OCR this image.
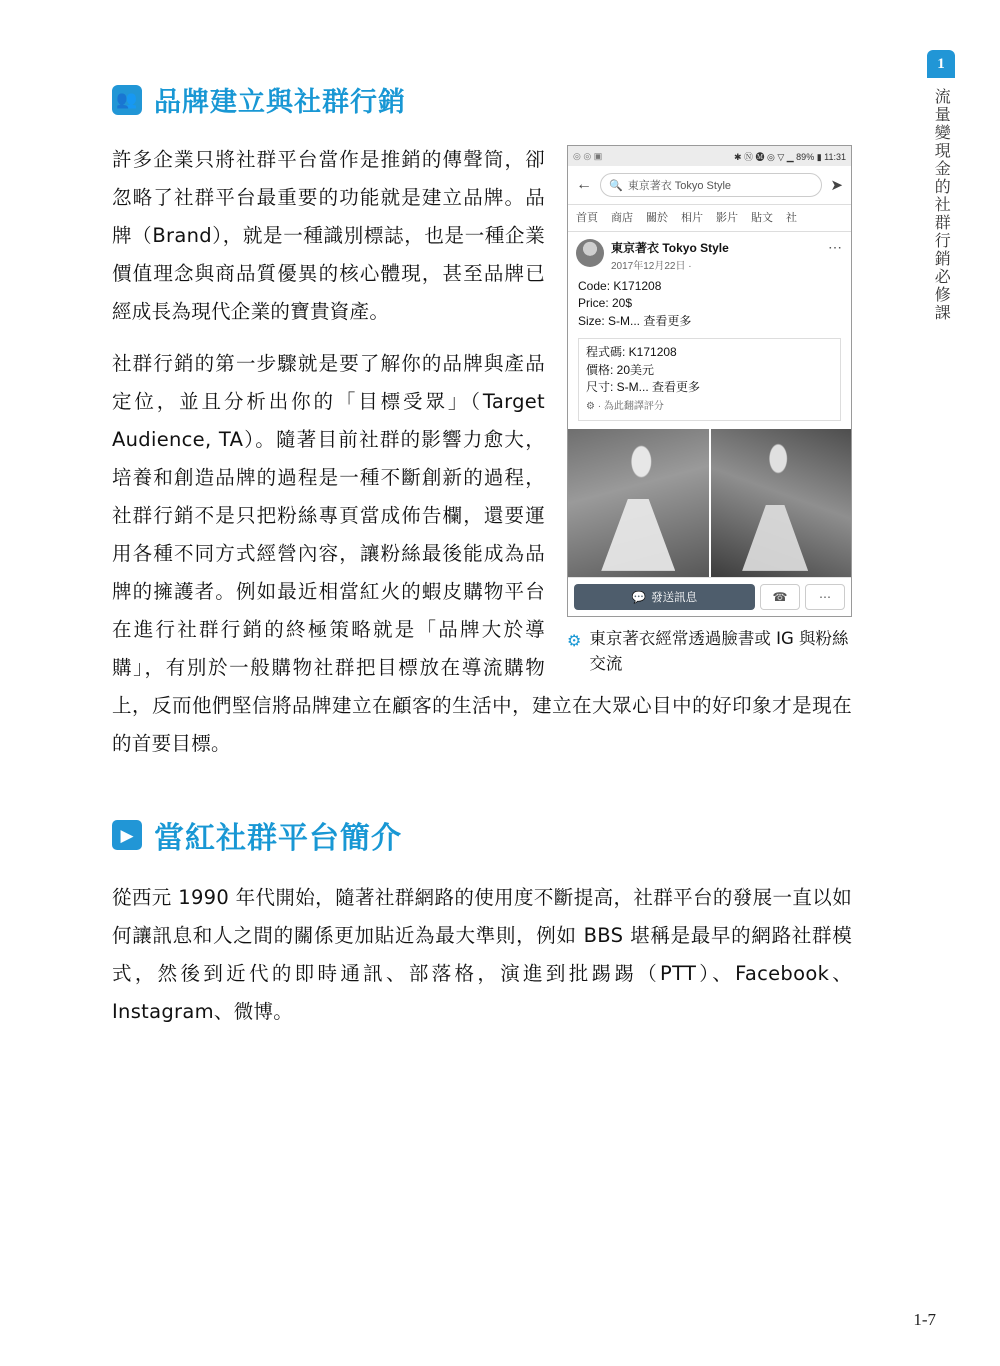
1
流量變現金的社群行銷必修課
👥 品牌建立與社群行銷
◎ ◎ ▣	✱ Ⓝ 🅜 ◎ ▽ ▁ 89% ▮ 11:31
← 🔍 東京著衣 Tokyo Style	➤
首頁 商店 關於 相片 影片 貼文 社
東京著衣 Tokyo Style
2017年12月22日 ·
⋯
Code: K171208
Price: 20$
Size: S-M... 查看更多
程式碼: K171208
價格: 20美元
尺寸: S-M... 查看更多
⚙ · 為此翻譯評分
💬 發送訊息	☎	⋯
⚙ 東京著衣經常透過臉書或 IG 與粉絲交流

許多企業只將社群平台當作是推銷的傳聲筒，卻忽略了社群平台最重要的功能就是建立品牌。品牌（Brand），就是一種識別標誌，也是一種企業價值理念與商品質優異的核心體現，甚至品牌已經成長為現代企業的寶貴資產。

社群行銷的第一步驟就是要了解你的品牌與產品定位，並且分析出你的「目標受眾」（Target Audience, TA）。隨著目前社群的影響力愈大，培養和創造品牌的過程是一種不斷創新的過程，社群行銷不是只把粉絲專頁當成佈告欄，還要運用各種不同方式經營內容，讓粉絲最後能成為品牌的擁護者。例如最近相當紅火的蝦皮購物平台在進行社群行銷的終極策略就是「品牌大於導購」，有別於一般購物社群把目標放在導流購物上，反而他們堅信將品牌建立在顧客的生活中，建立在大眾心目中的好印象才是現在的首要目標。

▶ 當紅社群平台簡介

從西元 1990 年代開始，隨著社群網路的使用度不斷提高，社群平台的發展一直以如何讓訊息和人之間的關係更加貼近為最大準則，例如 BBS 堪稱是最早的網路社群模式，然後到近代的即時通訊、部落格，演進到批踢踢（PTT）、Facebook、Instagram、微博。

1-7
